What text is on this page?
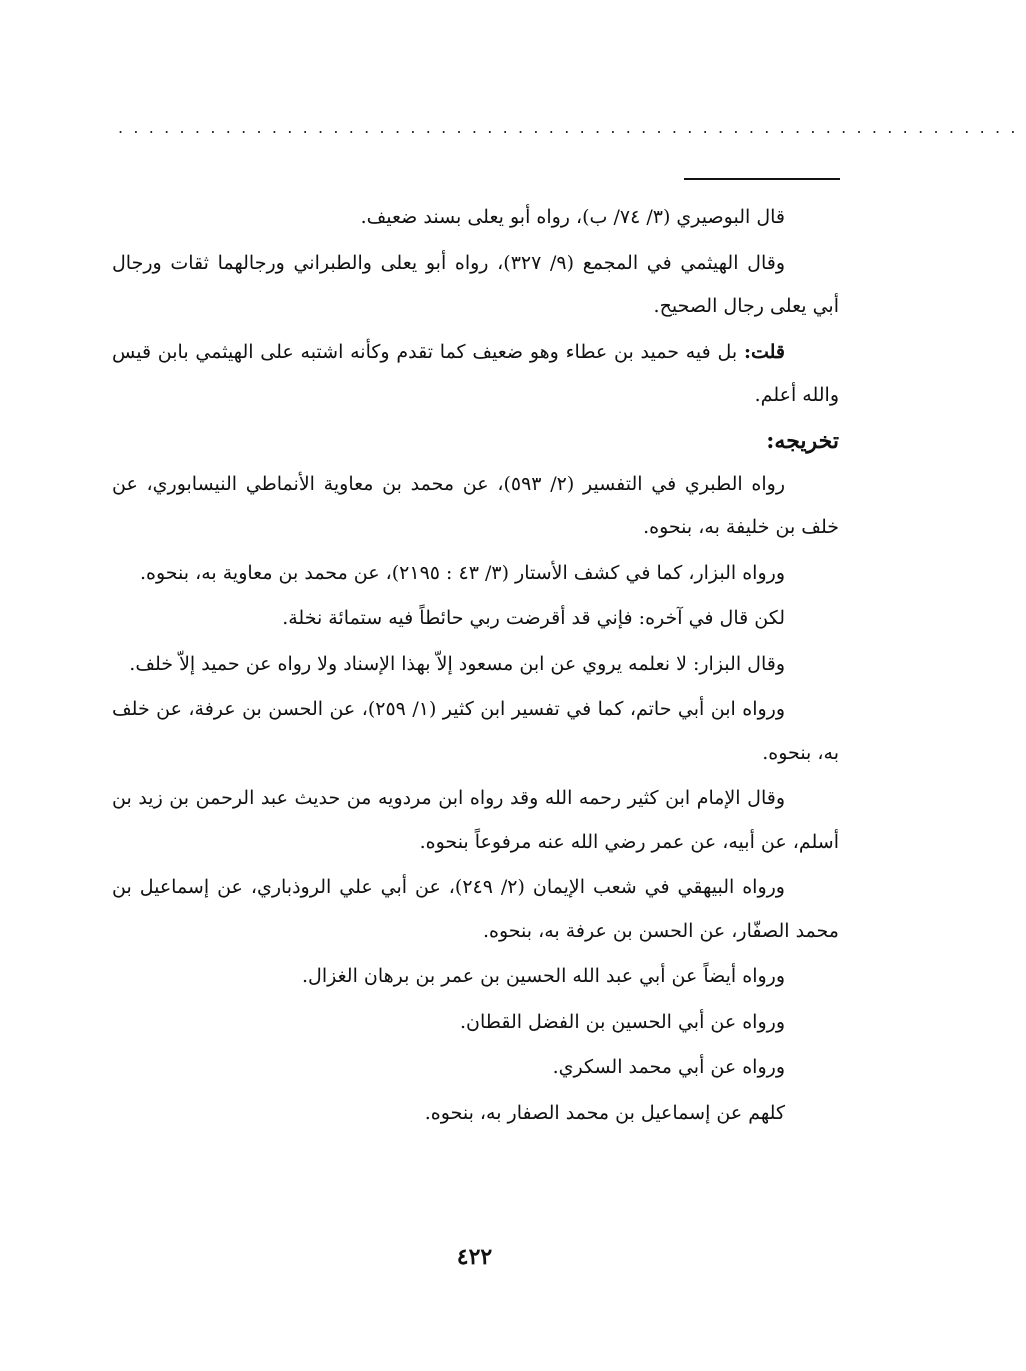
...........................................................

قال البوصيري (٣/ ٧٤/ ب)، رواه أبو يعلى بسند ضعيف.

وقال الهيثمي في المجمع (٩/ ٣٢٧)، رواه أبو يعلى والطبراني ورجالهما ثقات ورجال أبي يعلى رجال الصحيح.

قلت: بل فيه حميد بن عطاء وهو ضعيف كما تقدم وكأنه اشتبه على الهيثمي بابن قيس والله أعلم.

تخريجه:

رواه الطبري في التفسير (٢/ ٥٩٣)، عن محمد بن معاوية الأنماطي النيسابوري، عن خلف بن خليفة به، بنحوه.

ورواه البزار، كما في كشف الأستار (٣/ ٤٣ : ٢١٩٥)، عن محمد بن معاوية به، بنحوه.

لكن قال في آخره: فإني قد أقرضت ربي حائطاً فيه ستمائة نخلة.

وقال البزار: لا نعلمه يروي عن ابن مسعود إلاّ بهذا الإسناد ولا رواه عن حميد إلاّ خلف.

ورواه ابن أبي حاتم، كما في تفسير ابن كثير (١/ ٢٥٩)، عن الحسن بن عرفة، عن خلف به، بنحوه.

وقال الإمام ابن كثير رحمه الله وقد رواه ابن مردويه من حديث عبد الرحمن بن زيد بن أسلم، عن أبيه، عن عمر رضي الله عنه مرفوعاً بنحوه.

ورواه البيهقي في شعب الإيمان (٢/ ٢٤٩)، عن أبي علي الروذباري، عن إسماعيل بن محمد الصفّار، عن الحسن بن عرفة به، بنحوه.

ورواه أيضاً عن أبي عبد الله الحسين بن عمر بن برهان الغزال.

ورواه عن أبي الحسين بن الفضل القطان.

ورواه عن أبي محمد السكري.

كلهم عن إسماعيل بن محمد الصفار به، بنحوه.

٤٢٢
